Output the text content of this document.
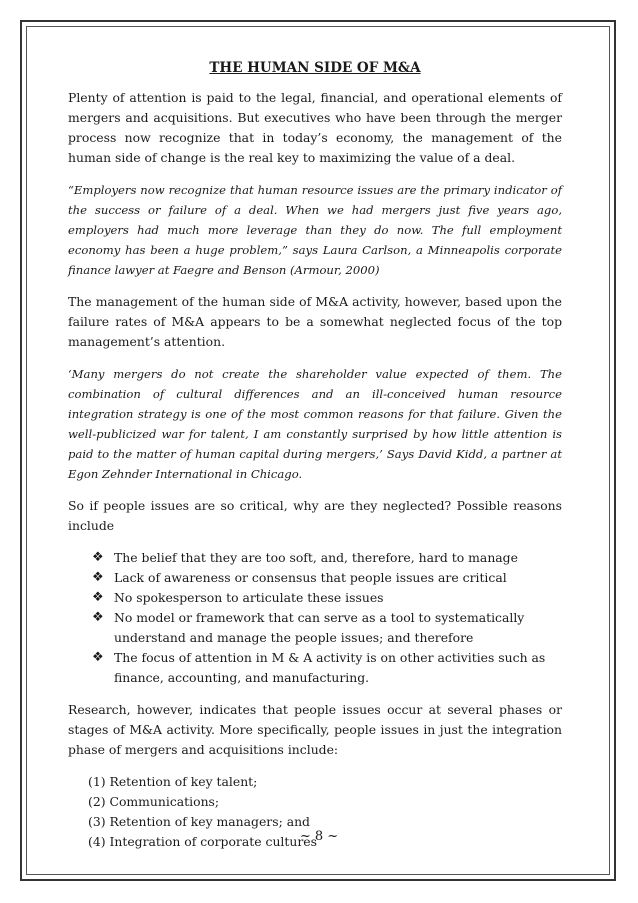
THE HUMAN SIDE OF M&A

Plenty of attention is paid to the legal, financial, and operational elements of mergers and acquisitions. But executives who have been through the merger process now recognize that in today’s economy, the management of the human side of change is the real key to maximizing the value of a deal.

“Employers now recognize that human resource issues are the primary indicator of the success or failure of a deal. When we had mergers just five years ago, employers had much more leverage than they do now. The full employment economy has been a huge problem,” says Laura Carlson, a Minneapolis corporate finance lawyer at Faegre and Benson (Armour, 2000)

The management of the human side of M&A activity, however, based upon the failure rates of M&A appears to be a somewhat neglected focus of the top management’s attention.

‘Many mergers do not create the shareholder value expected of them. The combination of cultural differences and an ill-conceived human resource integration strategy is one of the most common reasons for that failure. Given the well-publicized war for talent, I am constantly surprised by how little attention is paid to the matter of human capital during mergers,’ Says David Kidd, a partner at Egon Zehnder International in Chicago.

So if people issues are so critical, why are they neglected? Possible reasons include

❖ The belief that they are too soft, and, therefore, hard to manage
❖ Lack of awareness or consensus that people issues are critical
❖ No spokesperson to articulate these issues
❖ No model or framework that can serve as a tool to systematically understand and manage the people issues; and therefore
❖ The focus of attention in M & A activity is on other activities such as finance, accounting, and manufacturing.

Research, however, indicates that people issues occur at several phases or stages of M&A activity. More specifically, people issues in just the integration phase of mergers and acquisitions include:

(1) Retention of key talent;
(2) Communications;
(3) Retention of key managers; and
(4) Integration of corporate cultures
~ 8 ~
